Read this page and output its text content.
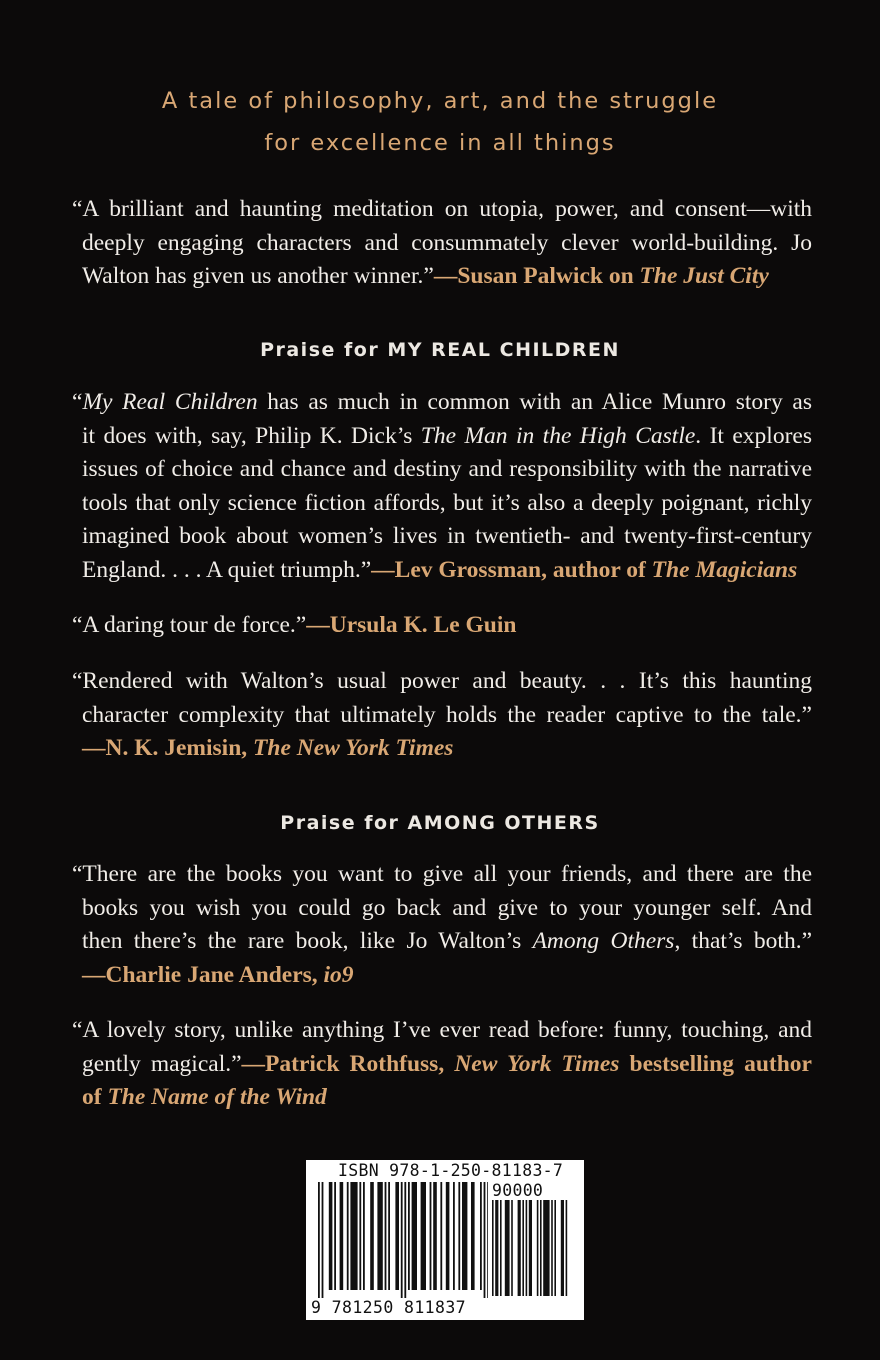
A tale of philosophy, art, and the struggle
for excellence in all things
“A brilliant and haunting meditation on utopia, power, and consent—with
deeply engaging characters and consummately clever world-building. Jo
Walton has given us another winner.”—Susan Palwick on The Just City
Praise for MY REAL CHILDREN
“My Real Children has as much in common with an Alice Munro story as
it does with, say, Philip K. Dick’s The Man in the High Castle. It explores
issues of choice and chance and destiny and responsibility with the narrative
tools that only science fiction affords, but it’s also a deeply poignant, richly
imagined book about women’s lives in twentieth- and twenty-first-century
England. . . . A quiet triumph.”—Lev Grossman, author of The Magicians
“A daring tour de force.”—Ursula K. Le Guin
“Rendered with Walton’s usual power and beauty. . . It’s this haunting
character complexity that ultimately holds the reader captive to the tale.”
—N. K. Jemisin, The New York Times
Praise for AMONG OTHERS
“There are the books you want to give all your friends, and there are the
books you wish you could go back and give to your younger self. And
then there’s the rare book, like Jo Walton’s Among Others, that’s both.”
—Charlie Jane Anders, io9
“A lovely story, unlike anything I’ve ever read before: funny, touching, and
gently magical.”—Patrick Rothfuss, New York Times bestselling author
of The Name of the Wind
ISBN 978-1-250-81183-7
90000
9 781250 811837
